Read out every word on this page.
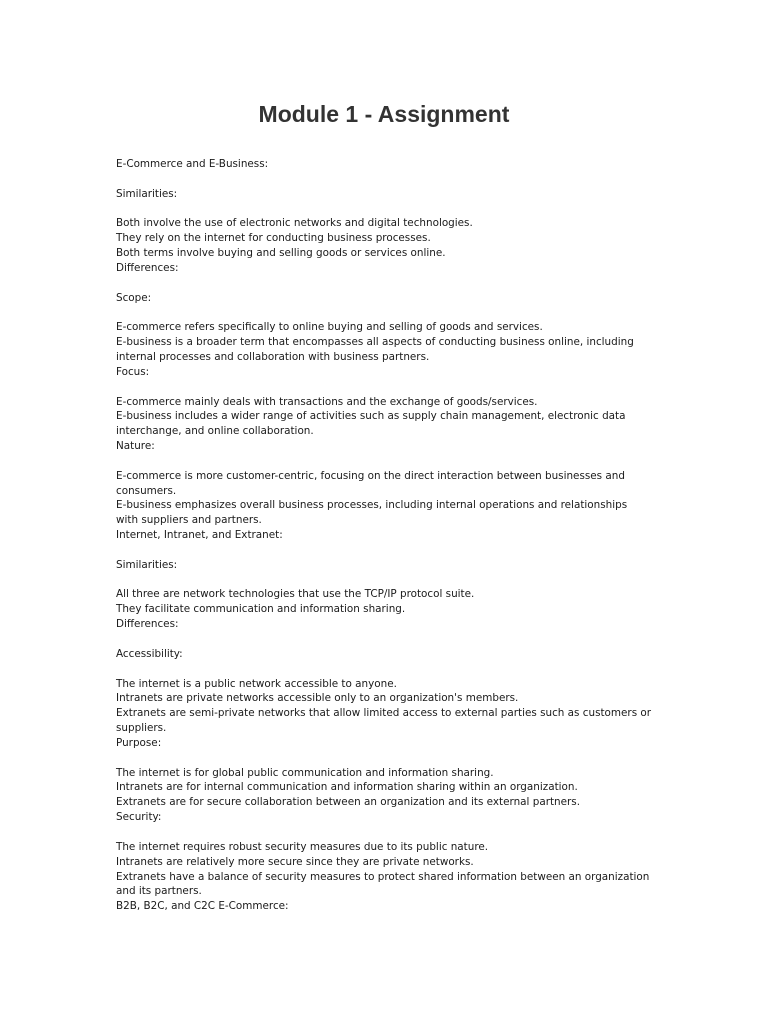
Module 1 - Assignment
E-Commerce and E-Business:
Similarities:
Both involve the use of electronic networks and digital technologies.
They rely on the internet for conducting business processes.
Both terms involve buying and selling goods or services online.
Differences:
Scope:
E-commerce refers specifically to online buying and selling of goods and services.
E-business is a broader term that encompasses all aspects of conducting business online, including
internal processes and collaboration with business partners.
Focus:
E-commerce mainly deals with transactions and the exchange of goods/services.
E-business includes a wider range of activities such as supply chain management, electronic data
interchange, and online collaboration.
Nature:
E-commerce is more customer-centric, focusing on the direct interaction between businesses and
consumers.
E-business emphasizes overall business processes, including internal operations and relationships
with suppliers and partners.
Internet, Intranet, and Extranet:
Similarities:
All three are network technologies that use the TCP/IP protocol suite.
They facilitate communication and information sharing.
Differences:
Accessibility:
The internet is a public network accessible to anyone.
Intranets are private networks accessible only to an organization's members.
Extranets are semi-private networks that allow limited access to external parties such as customers or
suppliers.
Purpose:
The internet is for global public communication and information sharing.
Intranets are for internal communication and information sharing within an organization.
Extranets are for secure collaboration between an organization and its external partners.
Security:
The internet requires robust security measures due to its public nature.
Intranets are relatively more secure since they are private networks.
Extranets have a balance of security measures to protect shared information between an organization
and its partners.
B2B, B2C, and C2C E-Commerce:
